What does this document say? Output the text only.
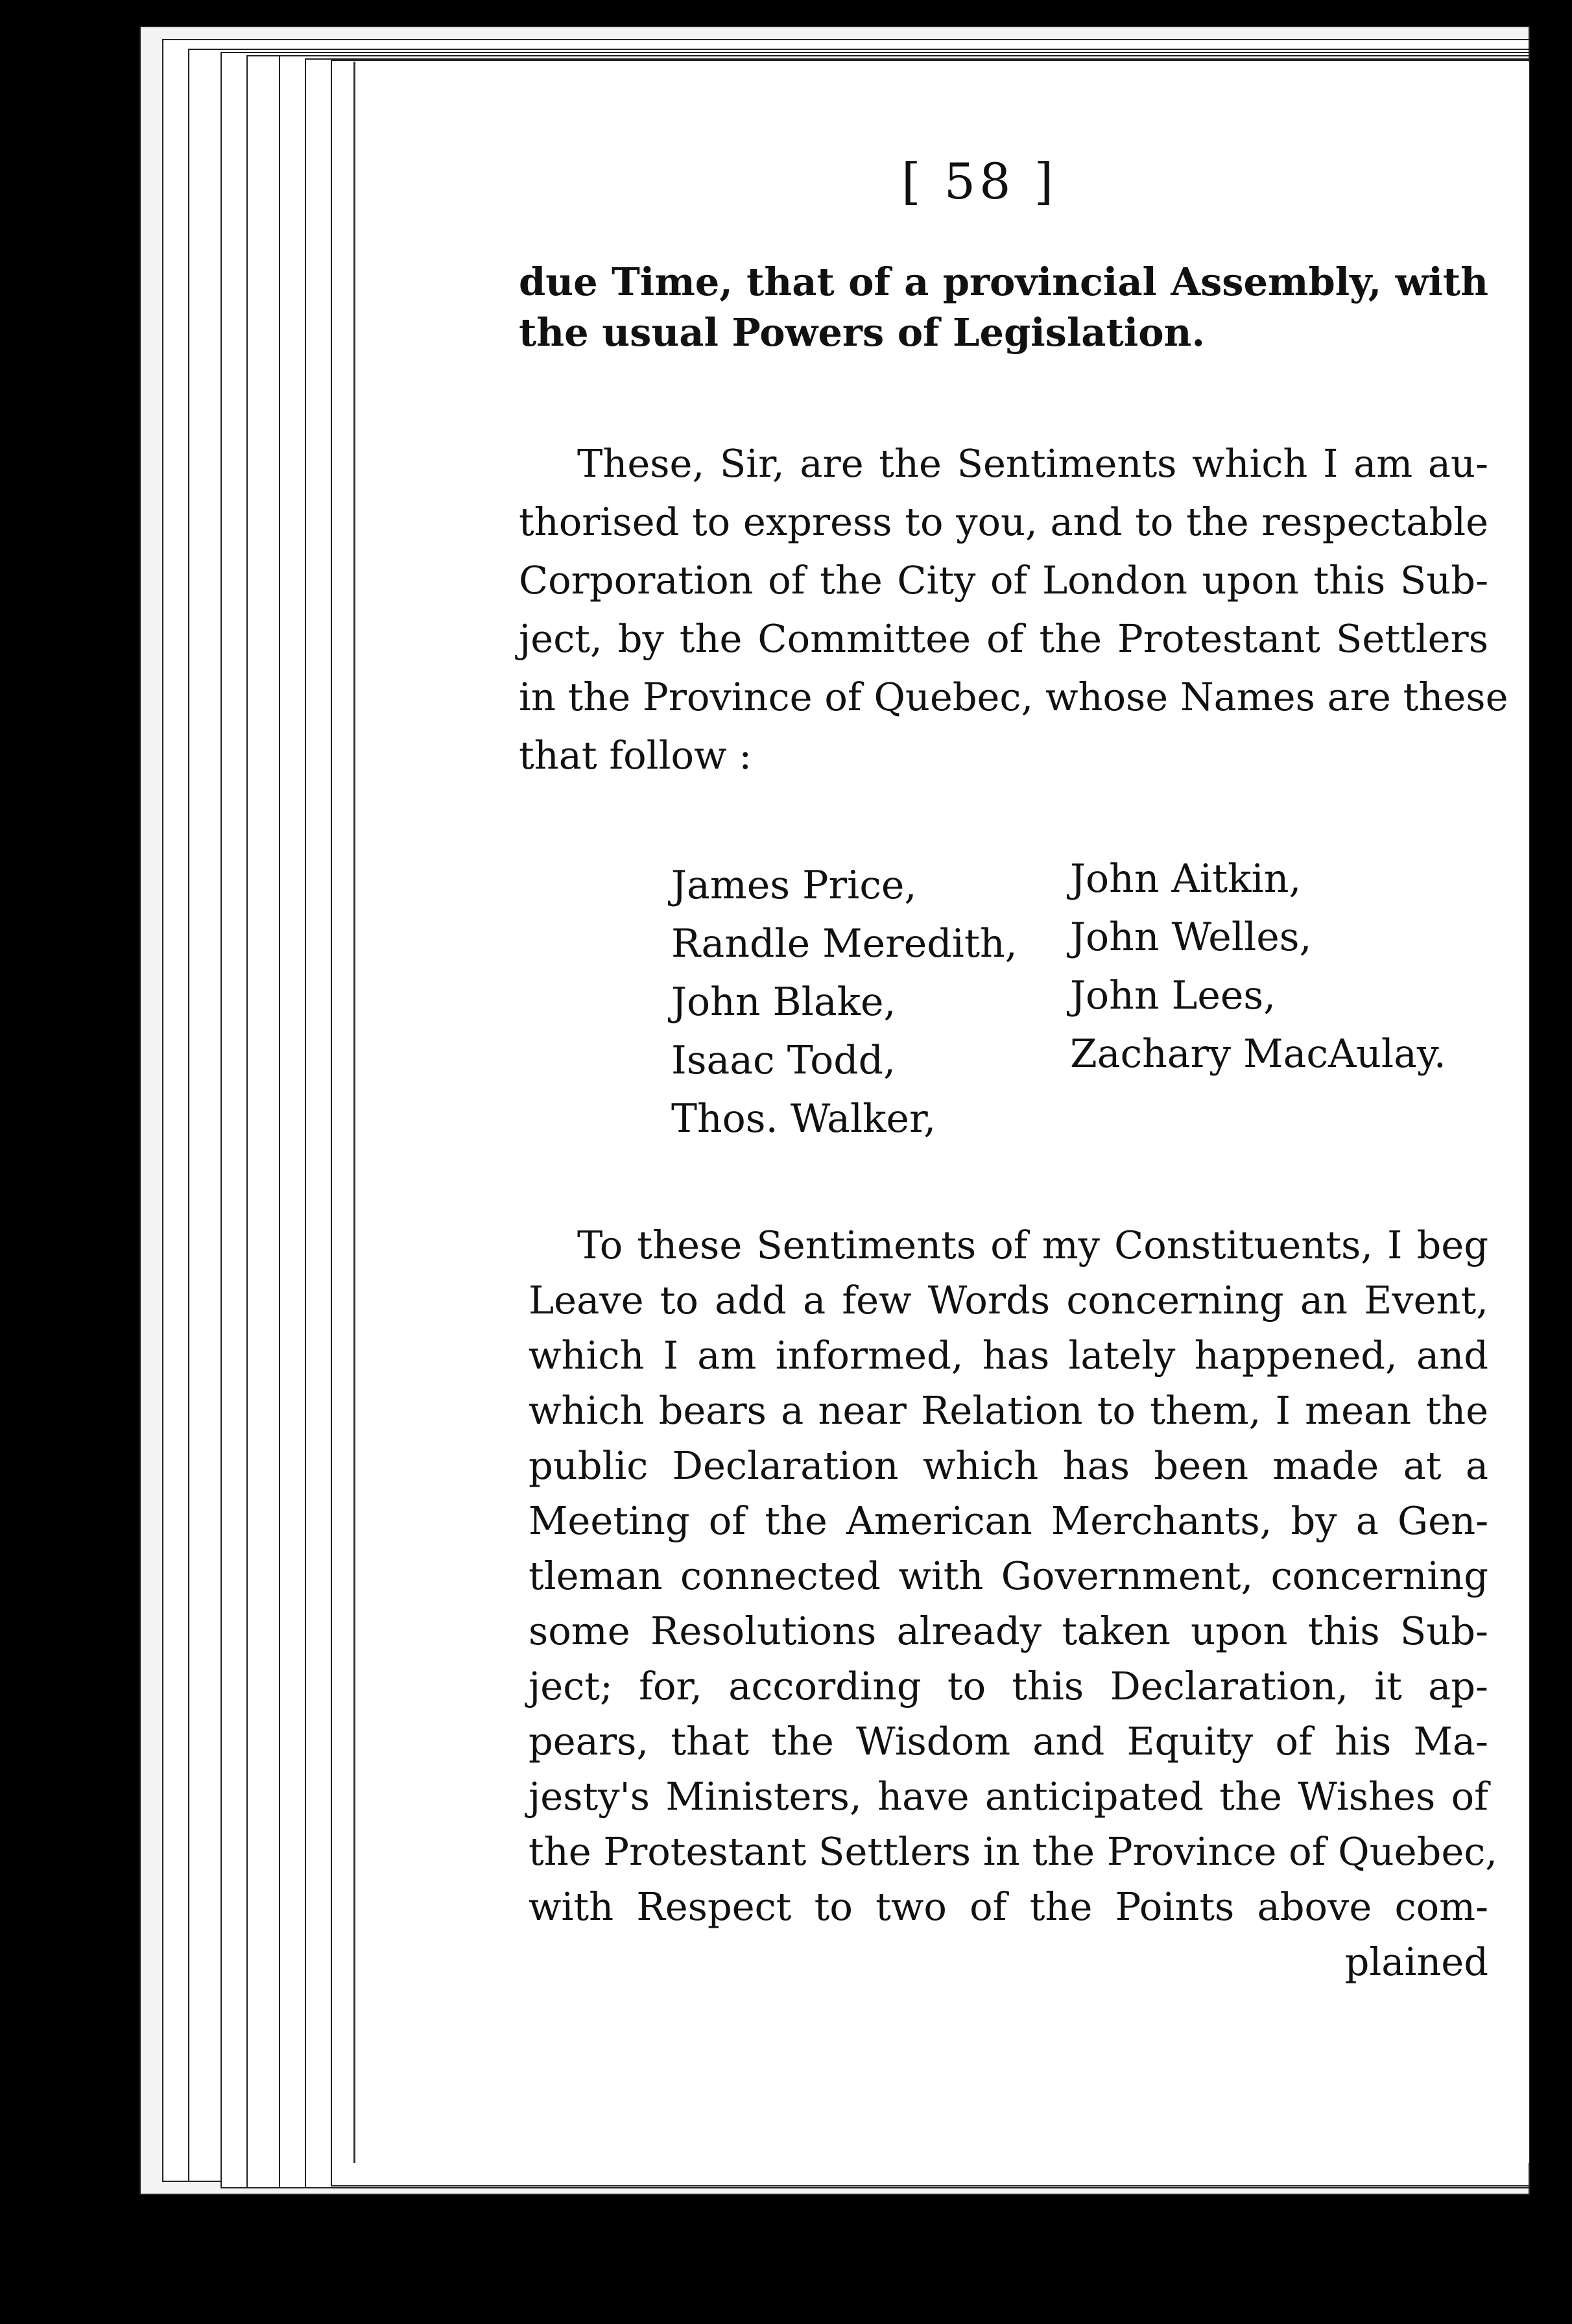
[ 58 ]
due Time, that of a provincial Assembly, with
the usual Powers of Legislation.
These, Sir, are the Sentiments which I am au-
thorised to express to you, and to the respectable
Corporation of the City of London upon this Sub-
ject, by the Committee of the Protestant Settlers
in the Province of Quebec, whose Names are these
that follow :
James Price,
Randle Meredith,
John Blake,
Isaac Todd,
Thos. Walker,
John Aitkin,
John Welles,
John Lees,
Zachary MacAulay.
To these Sentiments of my Constituents, I beg
Leave to add a few Words concerning an Event,
which I am informed, has lately happened, and
which bears a near Relation to them, I mean the
public Declaration which has been made at a
Meeting of the American Merchants, by a Gen-
tleman connected with Government, concerning
some Resolutions already taken upon this Sub-
ject; for, according to this Declaration, it ap-
pears, that the Wisdom and Equity of his Ma-
jesty's Ministers, have anticipated the Wishes of
the Protestant Settlers in the Province of Quebec,
with Respect to two of the Points above com-
plained
